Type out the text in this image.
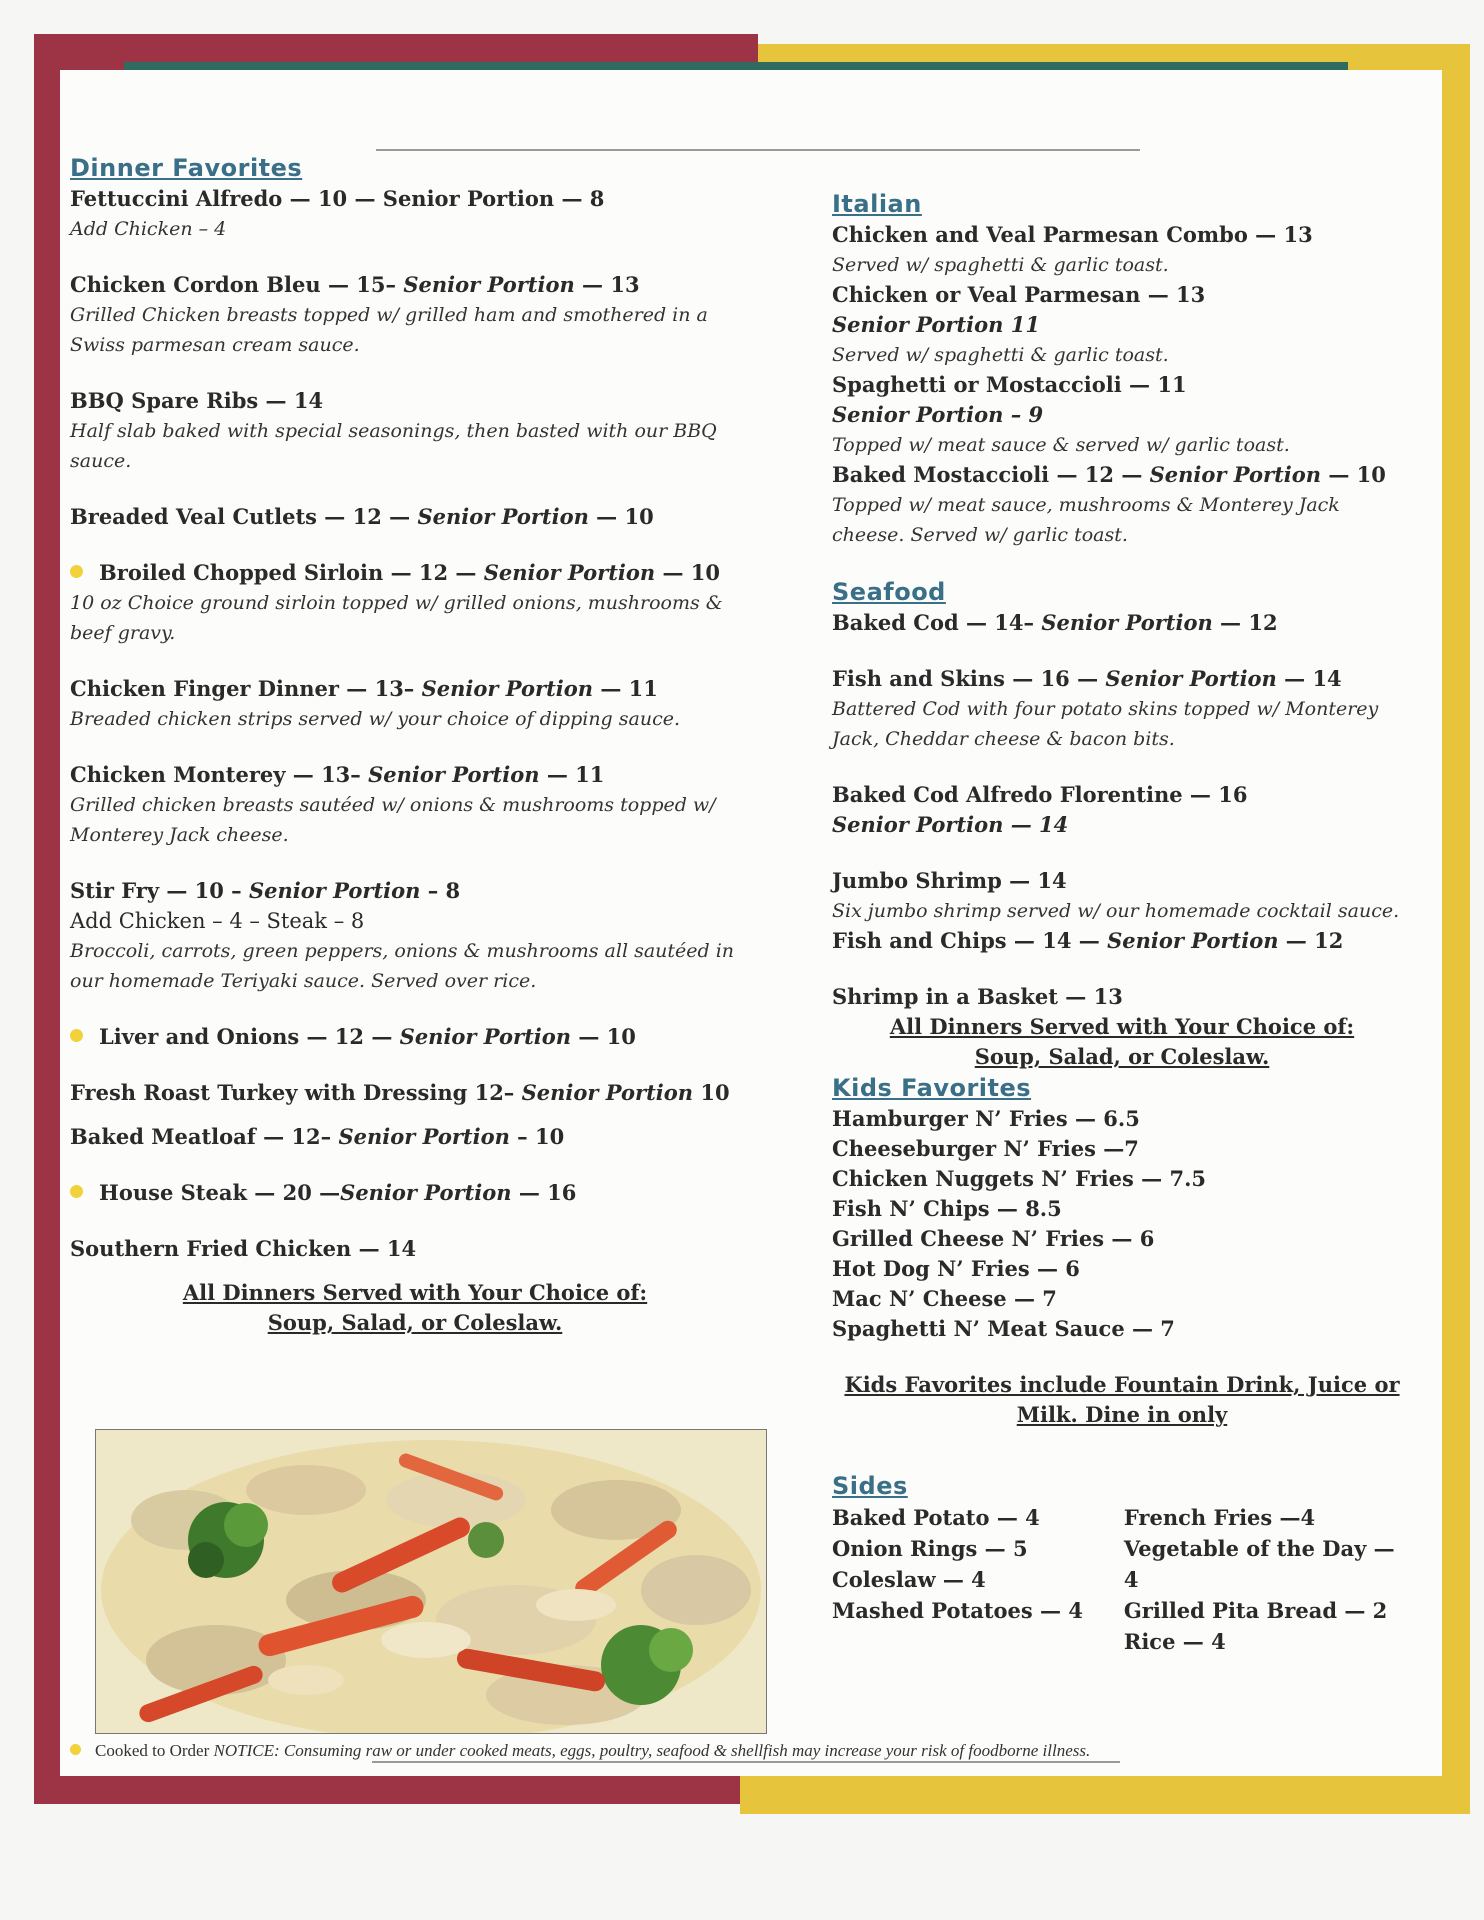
Dinner Favorites
Fettuccini Alfredo — 10 — Senior Portion — 8
Add Chicken – 4
Chicken Cordon Bleu — 15– Senior Portion — 13
Grilled Chicken breasts topped w/ grilled ham and smothered in a Swiss parmesan cream sauce.
BBQ Spare Ribs — 14
Half slab baked with special seasonings, then basted with our BBQ sauce.
Breaded Veal Cutlets — 12 — Senior Portion — 10
Broiled Chopped Sirloin — 12 — Senior Portion — 10
10 oz Choice ground sirloin topped w/ grilled onions, mushrooms & beef gravy.
Chicken Finger Dinner — 13– Senior Portion — 11
Breaded chicken strips served w/ your choice of dipping sauce.
Chicken Monterey — 13– Senior Portion — 11
Grilled chicken breasts sautéed w/ onions & mushrooms topped w/ Monterey Jack cheese.
Stir Fry — 10 – Senior Portion – 8
Add Chicken – 4 – Steak – 8
Broccoli, carrots, green peppers, onions & mushrooms all sautéed in our homemade Teriyaki sauce. Served over rice.
Liver and Onions — 12 — Senior Portion — 10
Fresh Roast Turkey with Dressing 12– Senior Portion 10
Baked Meatloaf — 12– Senior Portion – 10
House Steak — 20 —Senior Portion — 16
Southern Fried Chicken — 14
All Dinners Served with Your Choice of:
Soup, Salad, or Coleslaw.
Italian
Chicken and Veal Parmesan Combo — 13
Served w/ spaghetti & garlic toast.
Chicken or Veal Parmesan — 13
Senior Portion 11
Served w/ spaghetti & garlic toast.
Spaghetti or Mostaccioli — 11
Senior Portion – 9
Topped w/ meat sauce & served w/ garlic toast.
Baked Mostaccioli — 12 — Senior Portion — 10
Topped w/ meat sauce, mushrooms & Monterey Jack cheese. Served w/ garlic toast.
Seafood
Baked Cod — 14– Senior Portion — 12
Fish and Skins — 16 — Senior Portion — 14
Battered Cod with four potato skins topped w/ Monterey Jack, Cheddar cheese & bacon bits.
Baked Cod Alfredo Florentine — 16
Senior Portion — 14
Jumbo Shrimp — 14
Six jumbo shrimp served w/ our homemade cocktail sauce.
Fish and Chips — 14 — Senior Portion — 12
Shrimp in a Basket — 13
All Dinners Served with Your Choice of:
Soup, Salad, or Coleslaw.
Kids Favorites
Hamburger N’ Fries — 6.5
Cheeseburger N’ Fries —7
Chicken Nuggets N’ Fries — 7.5
Fish N’ Chips — 8.5
Grilled Cheese N’ Fries — 6
Hot Dog N’ Fries — 6
Mac N’ Cheese — 7
Spaghetti N’ Meat Sauce — 7
Kids Favorites include Fountain Drink, Juice or
Milk. Dine in only
Sides
Baked Potato — 4
Onion Rings — 5
Coleslaw — 4
Mashed Potatoes — 4
French Fries —4
Vegetable of the Day — 4
Grilled Pita Bread — 2
Rice — 4
Cooked to Order NOTICE: Consuming raw or under cooked meats, eggs, poultry, seafood & shellfish may increase your risk of foodborne illness.
